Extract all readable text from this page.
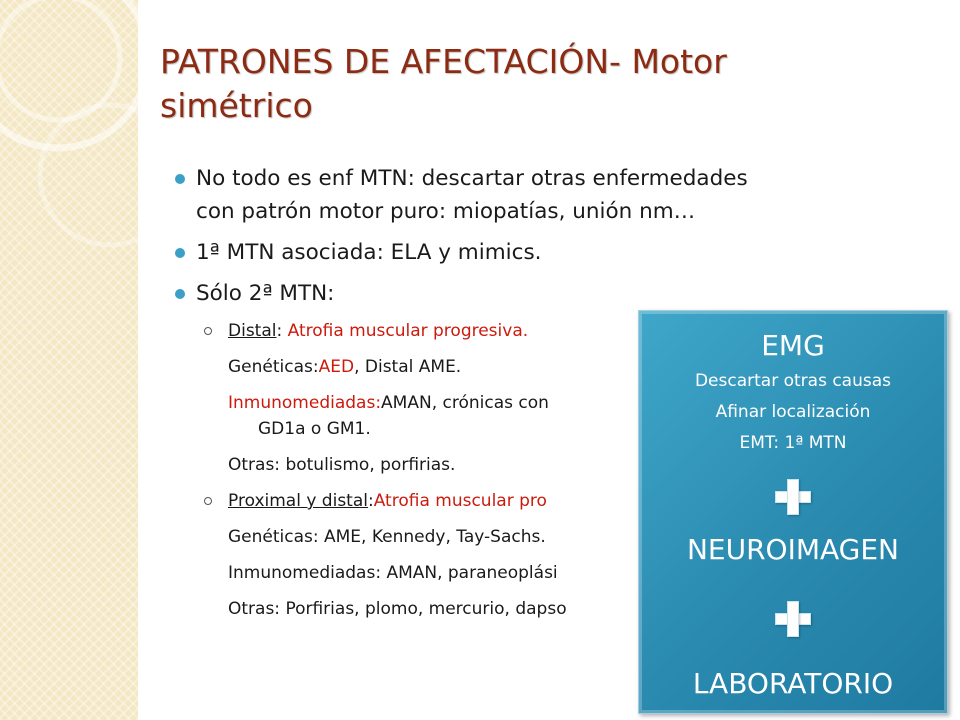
PATRONES DE AFECTACIÓN- Motor
simétrico
No todo es enf MTN: descartar otras enfermedades
con patrón motor puro: miopatías, unión nm…
1ª MTN asociada: ELA y mimics.
Sólo 2ª MTN:
Distal: Atrofia muscular progresiva.
Genéticas:AED, Distal AME.
Inmunomediadas:AMAN, crónicas con
GD1a o GM1.
Otras: botulismo, porfirias.
Proximal y distal:Atrofia muscular pro
Genéticas: AME, Kennedy, Tay-Sachs.
Inmunomediadas: AMAN, paraneoplási
Otras: Porfirias, plomo, mercurio, dapso
EMG
Descartar otras causas
Afinar localización
EMT: 1ª MTN
NEUROIMAGEN
LABORATORIO
